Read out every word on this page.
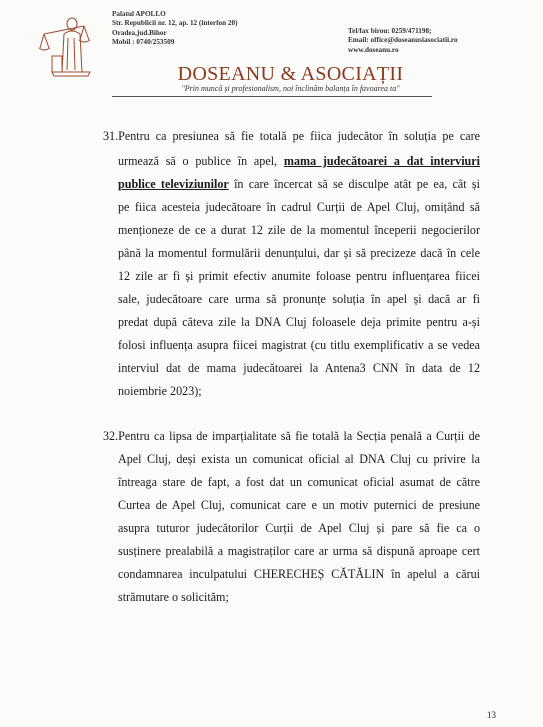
Palatul APOLLO
Str. Republicii nr. 12, ap. 12 (interfon 20)
Oradea,jud.Bihor
Mobil : 0740/253509
Tel/fax birou: 0259/471198;
Email: office@doseanusiasociatii.ro
www.doseanu.ro
DOSEANU & ASOCIAȚII
"Prin muncă și profesionalism, noi înclinăm balanța în favoarea ta"
31.Pentru ca presiunea să fie totală pe fiica judecător în soluția pe care
urmează să o publice în apel, mama judecătoarei a dat interviuri
publice televiziunilor în care încercat să se disculpe atât pe ea, cât și
pe fiica acesteia judecătoare în cadrul Curții de Apel Cluj, omițând să
menționeze de ce a durat 12 zile de la momentul începerii negocierilor
până la momentul formulării denunțului, dar și să precizeze dacă în cele
12 zile ar fi și primit efectiv anumite foloase pentru influențarea fiicei
sale, judecătoare care urma să pronunțe soluția în apel și dacă ar fi
predat după câteva zile la DNA Cluj foloasele deja primite pentru a-și
folosi influența asupra fiicei magistrat (cu titlu exemplificativ a se vedea
interviul dat de mama judecătoarei la Antena3 CNN în data de 12
noiembrie 2023);
32.Pentru ca lipsa de imparțialitate să fie totală la Secția penală a Curții de
Apel Cluj, deși exista un comunicat oficial al DNA Cluj cu privire la
întreaga stare de fapt, a fost dat un comunicat oficial asumat de către
Curtea de Apel Cluj, comunicat care e un motiv puternici de presiune
asupra tuturor judecătorilor Curții de Apel Cluj și pare să fie ca o
susținere prealabilă a magistraților care ar urma să dispună aproape cert
condamnarea inculpatului CHERECHEȘ CĂTĂLIN în apelul a cărui
strămutare o solicităm;
13
